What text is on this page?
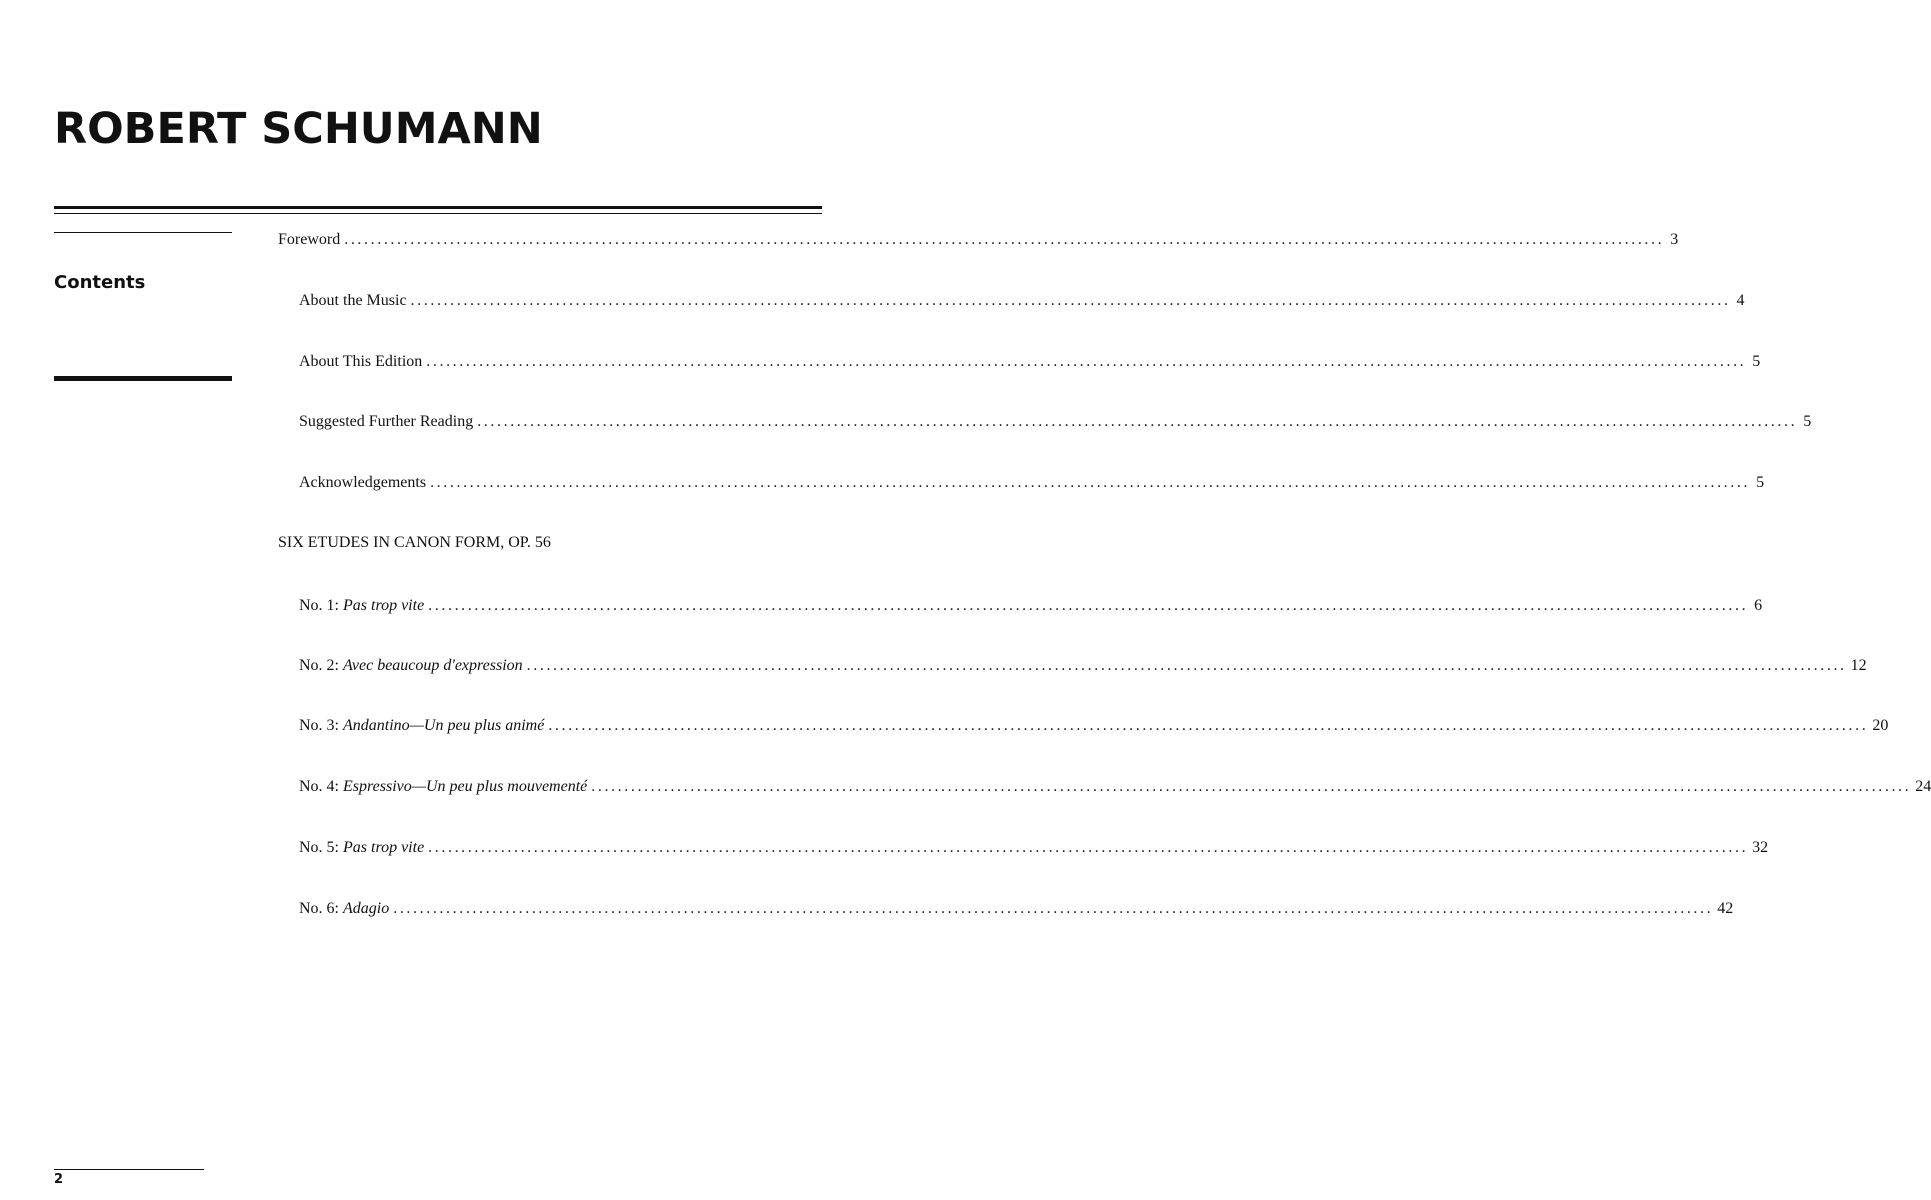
ROBERT SCHUMANN
Contents
Foreword ........................................................................................................................................................................................................ 3
About the Music ........................................................................................................................................................................................................ 4
About This Edition ........................................................................................................................................................................................................ 5
Suggested Further Reading ........................................................................................................................................................................................................ 5
Acknowledgements ........................................................................................................................................................................................................ 5
SIX ETUDES IN CANON FORM, OP. 56
No. 1: Pas trop vite ........................................................................................................................................................................................................ 6
No. 2: Avec beaucoup d'expression ........................................................................................................................................................................................................ 12
No. 3: Andantino—Un peu plus animé ........................................................................................................................................................................................................ 20
No. 4: Espressivo—Un peu plus mouvementé ........................................................................................................................................................................................................ 24
No. 5: Pas trop vite ........................................................................................................................................................................................................ 32
No. 6: Adagio ........................................................................................................................................................................................................ 42
2
